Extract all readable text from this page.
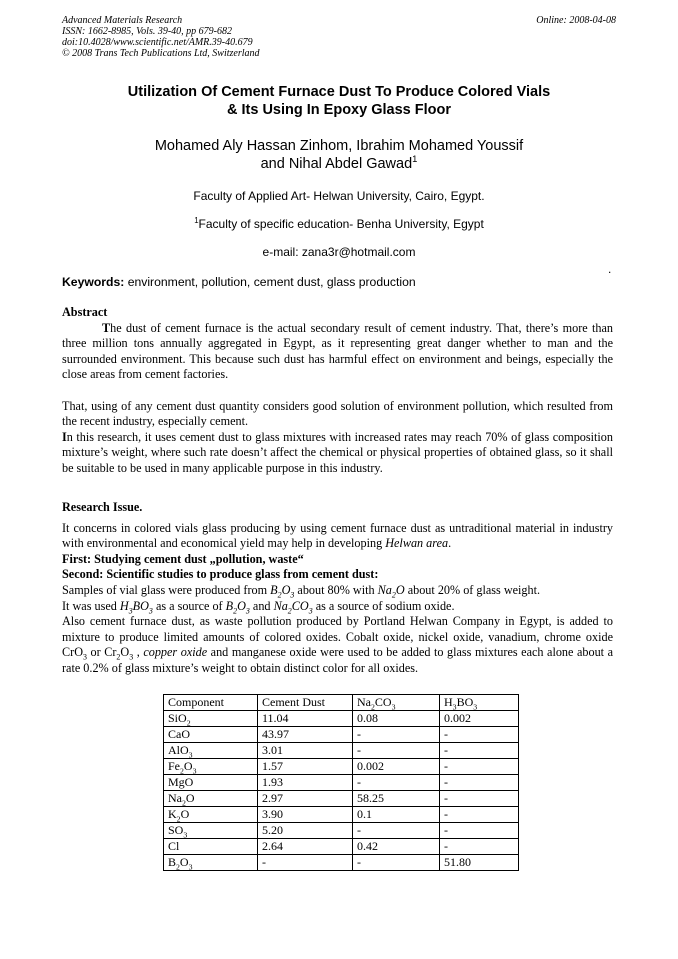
Advanced Materials Research
ISSN: 1662-8985, Vols. 39-40, pp 679-682
doi:10.4028/www.scientific.net/AMR.39-40.679
© 2008 Trans Tech Publications Ltd, Switzerland
Online: 2008-04-08
Utilization Of Cement Furnace Dust To Produce Colored Vials
& Its Using In Epoxy Glass Floor
Mohamed Aly Hassan Zinhom, Ibrahim Mohamed Youssif
and Nihal Abdel Gawad$^1$
Faculty of Applied Art- Helwan University, Cairo, Egypt.
$^1$Faculty of specific education- Benha University, Egypt
e-mail: zana3r@hotmail.com
.
Keywords: environment, pollution, cement dust, glass production

Abstract

The dust of cement furnace is the actual secondary result of cement industry. That, there’s more than three million tons annually aggregated in Egypt, as it representing great danger whether to man and the surrounded environment. This because such dust has harmful effect on environment and beings, especially the close areas from cement factories.

That, using of any cement dust quantity considers good solution of environment pollution, which resulted from the recent industry, especially cement.

In this research, it uses cement dust to glass mixtures with increased rates may reach 70% of glass composition mixture’s weight, where such rate doesn’t affect the chemical or physical properties of obtained glass, so it shall be suitable to be used in many applicable purpose in this industry.

Research Issue.

It concerns in colored vials glass producing by using cement furnace dust as untraditional material in industry with environmental and economical yield may help in developing Helwan area.

First: Studying cement dust „pollution, waste“

Second: Scientific studies to produce glass from cement dust:

Samples of vial glass were produced from $B_2O_3$ about 80% with $Na_2O$ about 20% of glass weight.

It was used $H_3BO_3$ as a source of $B_2O_3$ and $Na_2CO_3$ as a source of sodium oxide.

Also cement furnace dust, as waste pollution produced by Portland Helwan Company in Egypt, is added to mixture to produce limited amounts of colored oxides. Cobalt oxide, nickel oxide, vanadium, chrome oxide CrO$_3$ or $Cr_2O_3$ , copper oxide and manganese oxide were used to be added to glass mixtures each alone about a rate 0.2% of glass mixture’s weight to obtain distinct color for all oxides.

Component	Cement Dust	$Na_2CO_3$	$H_3BO_3$
SiO$_2$	11.04	0.08	0.002
CaO	43.97	-	-
AlO$_3$	3.01	-	-
$Fe_2O_3$	1.57	0.002	-
MgO	1.93	-	-
$Na_2O$	2.97	58.25	-
$K_2O$	3.90	0.1	-
$SO_3$	5.20	-	-
Cl	2.64	0.42	-
$B_2O_3$	-	-	51.80
